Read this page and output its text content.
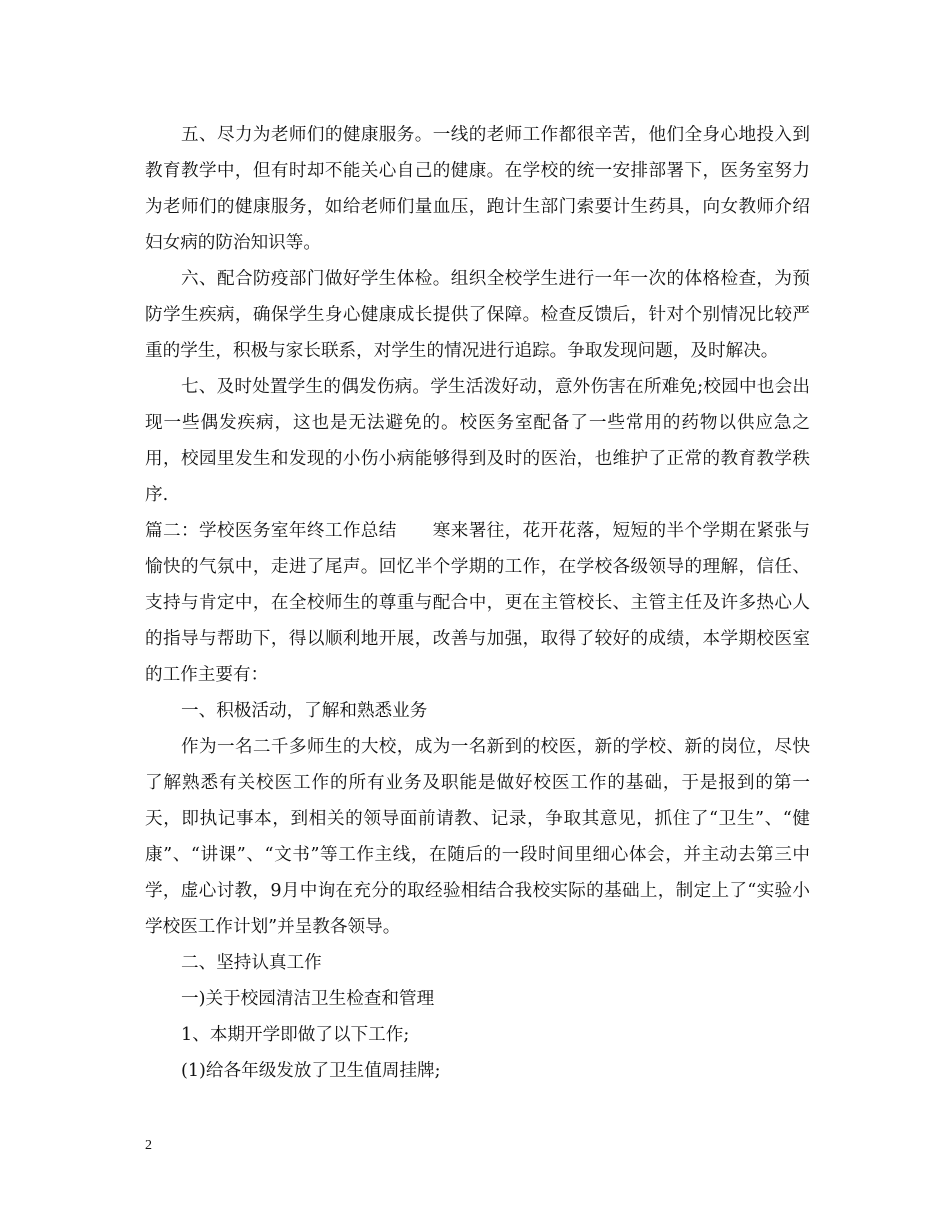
五、尽力为老师们的健康服务。一线的老师工作都很辛苦，他们全身心地投入到教育教学中，但有时却不能关心自己的健康。在学校的统一安排部署下，医务室努力为老师们的健康服务，如给老师们量血压，跑计生部门索要计生药具，向女教师介绍妇女病的防治知识等。

六、配合防疫部门做好学生体检。组织全校学生进行一年一次的体格检查，为预防学生疾病，确保学生身心健康成长提供了保障。检查反馈后，针对个别情况比较严重的学生，积极与家长联系，对学生的情况进行追踪。争取发现问题，及时解决。

七、及时处置学生的偶发伤病。学生活泼好动，意外伤害在所难免;校园中也会出现一些偶发疾病，这也是无法避免的。校医务室配备了一些常用的药物以供应急之用，校园里发生和发现的小伤小病能够得到及时的医治，也维护了正常的教育教学秩序.

篇二：学校医务室年终工作总结　　寒来署往，花开花落，短短的半个学期在紧张与愉快的气氛中，走进了尾声。回忆半个学期的工作，在学校各级领导的理解，信任、支持与肯定中，在全校师生的尊重与配合中，更在主管校长、主管主任及许多热心人的指导与帮助下，得以顺利地开展，改善与加强，取得了较好的成绩，本学期校医室的工作主要有：

一、积极活动，了解和熟悉业务

作为一名二千多师生的大校，成为一名新到的校医，新的学校、新的岗位，尽快了解熟悉有关校医工作的所有业务及职能是做好校医工作的基础，于是报到的第一天，即执记事本，到相关的领导面前请教、记录，争取其意见，抓住了“卫生”、“健康”、“讲课”、“文书”等工作主线，在随后的一段时间里细心体会，并主动去第三中学，虚心讨教，9月中询在充分的取经验相结合我校实际的基础上，制定上了“实验小学校医工作计划”并呈教各领导。

二、坚持认真工作

一)关于校园清洁卫生检查和管理

1、本期开学即做了以下工作;

(1)给各年级发放了卫生值周挂牌;

2
